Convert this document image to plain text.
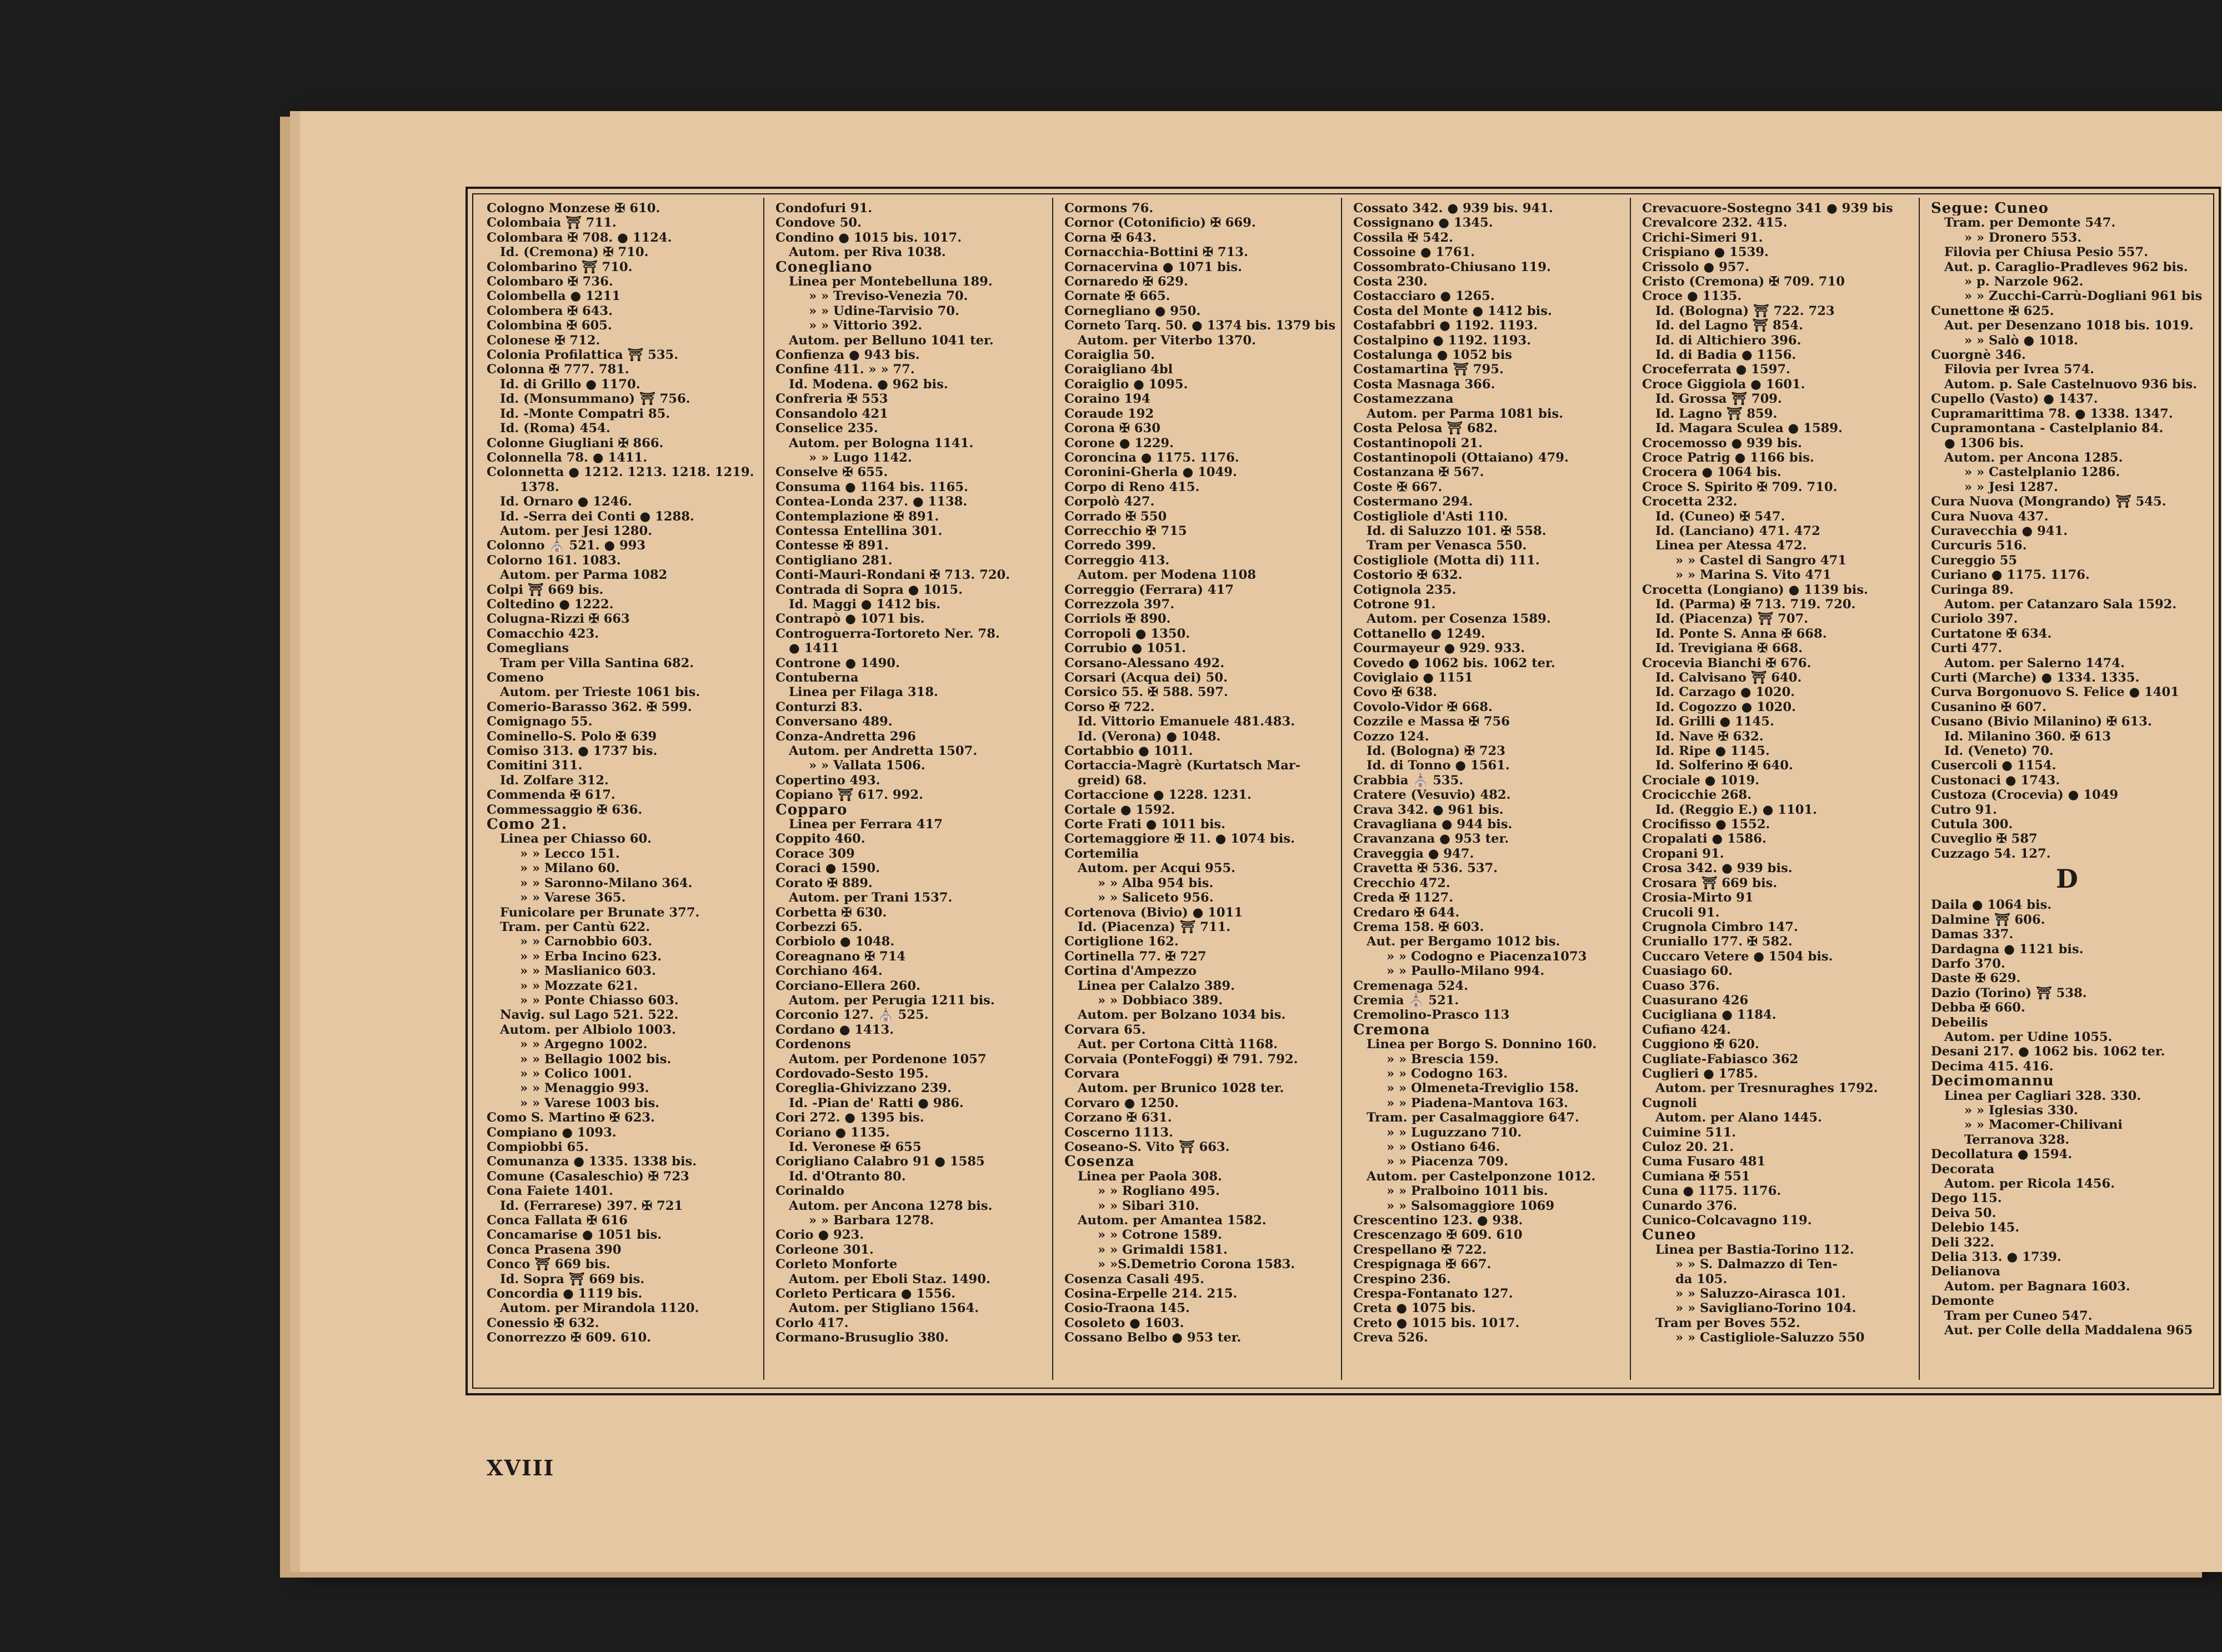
Cologno Monzese ✠ 610.
Colombaia ⛩ 711.
Colombara ✠ 708. ● 1124.
Id. (Cremona) ✠ 710.
Colombarino ⛩ 710.
Colombaro ✠ 736.
Colombella ● 1211
Colombera ✠ 643.
Colombina ✠ 605.
Colonese ✠ 712.
Colonia Profilattica ⛩ 535.
Colonna ✠ 777. 781.
Id. di Grillo ● 1170.
Id. (Monsummano) ⛩ 756.
Id. -Monte Compatri 85.
Id. (Roma) 454.
Colonne Giugliani ✠ 866.
Colonnella 78. ● 1411.
Colonnetta ● 1212. 1213. 1218. 1219.
1378.
Id. Ornaro ● 1246.
Id. -Serra dei Conti ● 1288.
Autom. per Jesi 1280.
Colonno ⛪ 521. ● 993
Colorno 161. 1083.
Autom. per Parma 1082
Colpi ⛩ 669 bis.
Coltedino ● 1222.
Colugna-Rizzi ✠ 663
Comacchio 423.
Comeglians
Tram per Villa Santina 682.
Comeno
Autom. per Trieste 1061 bis.
Comerio-Barasso 362. ✠ 599.
Comignago 55.
Cominello-S. Polo ✠ 639
Comiso 313. ● 1737 bis.
Comitini 311.
Id. Zolfare 312.
Commenda ✠ 617.
Commessaggio ✠ 636.
Como 21.
Linea per Chiasso 60.
» » Lecco 151.
» » Milano 60.
» » Saronno-Milano 364.
» » Varese 365.
Funicolare per Brunate 377.
Tram. per Cantù 622.
» » Carnobbio 603.
» » Erba Incino 623.
» » Maslianico 603.
» » Mozzate 621.
» » Ponte Chiasso 603.
Navig. sul Lago 521. 522.
Autom. per Albiolo 1003.
» » Argegno 1002.
» » Bellagio 1002 bis.
» » Colico 1001.
» » Menaggio 993.
» » Varese 1003 bis.
Como S. Martino ✠ 623.
Compiano ● 1093.
Compiobbi 65.
Comunanza ● 1335. 1338 bis.
Comune (Casaleschio) ✠ 723
Cona Faiete 1401.
Id. (Ferrarese) 397. ✠ 721
Conca Fallata ✠ 616
Concamarise ● 1051 bis.
Conca Prasena 390
Conco ⛩ 669 bis.
Id. Sopra ⛩ 669 bis.
Concordia ● 1119 bis.
Autom. per Mirandola 1120.
Conessio ✠ 632.
Conorrezzo ✠ 609. 610.
Condofuri 91.
Condove 50.
Condino ● 1015 bis. 1017.
Autom. per Riva 1038.
Conegliano
Linea per Montebelluna 189.
» » Treviso-Venezia 70.
» » Udine-Tarvisio 70.
» » Vittorio 392.
Autom. per Belluno 1041 ter.
Confienza ● 943 bis.
Confine 411. » » 77.
Id. Modena. ● 962 bis.
Confreria ✠ 553
Consandolo 421
Conselice 235.
Autom. per Bologna 1141.
» » Lugo 1142.
Conselve ✠ 655.
Consuma ● 1164 bis. 1165.
Contea-Londa 237. ● 1138.
Contemplazione ✠ 891.
Contessa Entellina 301.
Contesse ✠ 891.
Contigliano 281.
Conti-Mauri-Rondani ✠ 713. 720.
Contrada di Sopra ● 1015.
Id. Maggi ● 1412 bis.
Contrapò ● 1071 bis.
Controguerra-Tortoreto Ner. 78.
● 1411
Controne ● 1490.
Contuberna
Linea per Filaga 318.
Conturzi 83.
Conversano 489.
Conza-Andretta 296
Autom. per Andretta 1507.
» » Vallata 1506.
Copertino 493.
Copiano ⛩ 617. 992.
Copparo
Linea per Ferrara 417
Coppito 460.
Corace 309
Coraci ● 1590.
Corato ✠ 889.
Autom. per Trani 1537.
Corbetta ✠ 630.
Corbezzi 65.
Corbiolo ● 1048.
Coreagnano ✠ 714
Corchiano 464.
Corciano-Ellera 260.
Autom. per Perugia 1211 bis.
Corconio 127. ⛪ 525.
Cordano ● 1413.
Cordenons
Autom. per Pordenone 1057
Cordovado-Sesto 195.
Coreglia-Ghivizzano 239.
Id. -Pian de' Ratti ● 986.
Cori 272. ● 1395 bis.
Coriano ● 1135.
Id. Veronese ✠ 655
Corigliano Calabro 91 ● 1585
Id. d'Otranto 80.
Corinaldo
Autom. per Ancona 1278 bis.
» » Barbara 1278.
Corio ● 923.
Corleone 301.
Corleto Monforte
Autom. per Eboli Staz. 1490.
Corleto Perticara ● 1556.
Autom. per Stigliano 1564.
Corlo 417.
Cormano-Brusuglio 380.
Cormons 76.
Cornor (Cotonificio) ✠ 669.
Corna ✠ 643.
Cornacchia-Bottini ✠ 713.
Cornacervina ● 1071 bis.
Cornaredo ✠ 629.
Cornate ✠ 665.
Cornegliano ● 950.
Corneto Tarq. 50. ● 1374 bis. 1379 bis
Autom. per Viterbo 1370.
Coraiglia 50.
Coraigliano 4bl
Coraiglio ● 1095.
Coraino 194
Coraude 192
Corona ✠ 630
Corone ● 1229.
Coroncina ● 1175. 1176.
Coronini-Gherla ● 1049.
Corpo di Reno 415.
Corpolò 427.
Corrado ✠ 550
Correcchio ✠ 715
Corredo 399.
Correggio 413.
Autom. per Modena 1108
Correggio (Ferrara) 417
Correzzola 397.
Corriols ✠ 890.
Corropoli ● 1350.
Corrubio ● 1051.
Corsano-Alessano 492.
Corsari (Acqua dei) 50.
Corsico 55. ✠ 588. 597.
Corso ✠ 722.
Id. Vittorio Emanuele 481.483.
Id. (Verona) ● 1048.
Cortabbio ● 1011.
Cortaccia-Magrè (Kurtatsch Mar-
greid) 68.
Cortaccione ● 1228. 1231.
Cortale ● 1592.
Corte Frati ● 1011 bis.
Cortemaggiore ✠ 11. ● 1074 bis.
Cortemilia
Autom. per Acqui 955.
» » Alba 954 bis.
» » Saliceto 956.
Cortenova (Bivio) ● 1011
Id. (Piacenza) ⛩ 711.
Cortiglione 162.
Cortinella 77. ✠ 727
Cortina d'Ampezzo
Linea per Calalzo 389.
» » Dobbiaco 389.
Autom. per Bolzano 1034 bis.
Corvara 65.
Aut. per Cortona Città 1168.
Corvaia (PonteFoggi) ✠ 791. 792.
Corvara
Autom. per Brunico 1028 ter.
Corvaro ● 1250.
Corzano ✠ 631.
Coscerno 1113.
Coseano-S. Vito ⛩ 663.
Cosenza
Linea per Paola 308.
» » Rogliano 495.
» » Sibari 310.
Autom. per Amantea 1582.
» » Cotrone 1589.
» » Grimaldi 1581.
» »S.Demetrio Corona 1583.
Cosenza Casali 495.
Cosina-Erpelle 214. 215.
Cosio-Traona 145.
Cosoleto ● 1603.
Cossano Belbo ● 953 ter.
Cossato 342. ● 939 bis. 941.
Cossignano ● 1345.
Cossila ✠ 542.
Cossoine ● 1761.
Cossombrato-Chiusano 119.
Costa 230.
Costacciaro ● 1265.
Costa del Monte ● 1412 bis.
Costafabbri ● 1192. 1193.
Costalpino ● 1192. 1193.
Costalunga ● 1052 bis
Costamartina ⛩ 795.
Costa Masnaga 366.
Costamezzana
Autom. per Parma 1081 bis.
Costa Pelosa ⛩ 682.
Costantinopoli 21.
Costantinopoli (Ottaiano) 479.
Costanzana ✠ 567.
Coste ✠ 667.
Costermano 294.
Costigliole d'Asti 110.
Id. di Saluzzo 101. ✠ 558.
Tram per Venasca 550.
Costigliole (Motta di) 111.
Costorio ✠ 632.
Cotignola 235.
Cotrone 91.
Autom. per Cosenza 1589.
Cottanello ● 1249.
Courmayeur ● 929. 933.
Covedo ● 1062 bis. 1062 ter.
Coviglaio ● 1151
Covo ✠ 638.
Covolo-Vidor ✠ 668.
Cozzile e Massa ✠ 756
Cozzo 124.
Id. (Bologna) ✠ 723
Id. di Tonno ● 1561.
Crabbia ⛪ 535.
Cratere (Vesuvio) 482.
Crava 342. ● 961 bis.
Cravagliana ● 944 bis.
Cravanzana ● 953 ter.
Craveggia ● 947.
Cravetta ✠ 536. 537.
Crecchio 472.
Creda ✠ 1127.
Credaro ✠ 644.
Crema 158. ✠ 603.
Aut. per Bergamo 1012 bis.
» » Codogno e Piacenza1073
» » Paullo-Milano 994.
Cremenaga 524.
Cremia ⛪ 521.
Cremolino-Prasco 113
Cremona
Linea per Borgo S. Donnino 160.
» » Brescia 159.
» » Codogno 163.
» » Olmeneta-Treviglio 158.
» » Piadena-Mantova 163.
Tram. per Casalmaggiore 647.
» » Luguzzano 710.
» » Ostiano 646.
» » Piacenza 709.
Autom. per Castelponzone 1012.
» » Pralboino 1011 bis.
» » Salsomaggiore 1069
Crescentino 123. ● 938.
Crescenzago ✠ 609. 610
Crespellano ✠ 722.
Crespignaga ✠ 667.
Crespino 236.
Crespa-Fontanato 127.
Creta ● 1075 bis.
Creto ● 1015 bis. 1017.
Creva 526.
Crevacuore-Sostegno 341 ● 939 bis
Crevalcore 232. 415.
Crichi-Simeri 91.
Crispiano ● 1539.
Crissolo ● 957.
Cristo (Cremona) ✠ 709. 710
Croce ● 1135.
Id. (Bologna) ⛩ 722. 723
Id. del Lagno ⛩ 854.
Id. di Altichiero 396.
Id. di Badia ● 1156.
Croceferrata ● 1597.
Croce Giggiola ● 1601.
Id. Grossa ⛩ 709.
Id. Lagno ⛩ 859.
Id. Magara Sculea ● 1589.
Crocemosso ● 939 bis.
Croce Patrig ● 1166 bis.
Crocera ● 1064 bis.
Croce S. Spirito ✠ 709. 710.
Crocetta 232.
Id. (Cuneo) ✠ 547.
Id. (Lanciano) 471. 472
Linea per Atessa 472.
» » Castel di Sangro 471
» » Marina S. Vito 471
Crocetta (Longiano) ● 1139 bis.
Id. (Parma) ✠ 713. 719. 720.
Id. (Piacenza) ⛩ 707.
Id. Ponte S. Anna ✠ 668.
Id. Trevigiana ✠ 668.
Crocevia Bianchi ✠ 676.
Id. Calvisano ⛩ 640.
Id. Carzago ● 1020.
Id. Cogozzo ● 1020.
Id. Grilli ● 1145.
Id. Nave ✠ 632.
Id. Ripe ● 1145.
Id. Solferino ✠ 640.
Crociale ● 1019.
Crocicchie 268.
Id. (Reggio E.) ● 1101.
Crocifisso ● 1552.
Cropalati ● 1586.
Cropani 91.
Crosa 342. ● 939 bis.
Crosara ⛩ 669 bis.
Crosia-Mirto 91
Crucoli 91.
Crugnola Cimbro 147.
Cruniallo 177. ✠ 582.
Cuccaro Vetere ● 1504 bis.
Cuasiago 60.
Cuaso 376.
Cuasurano 426
Cuciglianа ● 1184.
Cufiano 424.
Cuggiono ✠ 620.
Cugliate-Fabiasco 362
Cuglieri ● 1785.
Autom. per Tresnuraghes 1792.
Cugnoli
Autom. per Alano 1445.
Cuimine 511.
Culoz 20. 21.
Cuma Fusaro 481
Cumiana ✠ 551
Cuna ● 1175. 1176.
Cunardo 376.
Cunico-Colcavagno 119.
Cuneo
Linea per Bastia-Torino 112.
» » S. Dalmazzo di Ten-
da 105.
» » Saluzzo-Airasca 101.
» » Savigliano-Torino 104.
Tram per Boves 552.
» » Castigliole-Saluzzo 550
Segue: Cuneo
Tram. per Demonte 547.
» » Dronero 553.
Filovia per Chiusa Pesio 557.
Aut. p. Caraglio-Pradleves 962 bis.
» p. Narzole 962.
» » Zucchi-Carrù-Dogliani 961 bis
Cunettone ✠ 625.
Aut. per Desenzano 1018 bis. 1019.
» » Salò ● 1018.
Cuorgnè 346.
Filovia per Ivrea 574.
Autom. p. Sale Castelnuovo 936 bis.
Cupello (Vasto) ● 1437.
Cupramarittima 78. ● 1338. 1347.
Cupramontana - Castelplanio 84.
● 1306 bis.
Autom. per Ancona 1285.
» » Castelplanio 1286.
» » Jesi 1287.
Cura Nuova (Mongrando) ⛩ 545.
Cura Nuova 437.
Curavecchia ● 941.
Curcuris 516.
Cureggio 55
Curiano ● 1175. 1176.
Curinga 89.
Autom. per Catanzaro Sala 1592.
Curiolo 397.
Curtatone ✠ 634.
Curti 477.
Autom. per Salerno 1474.
Curti (Marche) ● 1334. 1335.
Curva Borgonuovo S. Felice ● 1401
Cusanino ✠ 607.
Cusano (Bivio Milanino) ✠ 613.
Id. Milanino 360. ✠ 613
Id. (Veneto) 70.
Cusercoli ● 1154.
Custonaci ● 1743.
Custoza (Crocevia) ● 1049
Cutro 91.
Cutula 300.
Cuveglio ✠ 587
Cuzzago 54. 127.
D
Daila ● 1064 bis.
Dalmine ⛩ 606.
Damas 337.
Dardagna ● 1121 bis.
Darfo 370.
Daste ✠ 629.
Dazio (Torino) ⛩ 538.
Debba ✠ 660.
Debeilis
Autom. per Udine 1055.
Desani 217. ● 1062 bis. 1062 ter.
Decima 415. 416.
Decimomannu
Linea per Cagliari 328. 330.
» » Iglesias 330.
» » Macomer-Chilivani
Terranova 328.
Decollatura ● 1594.
Decorata
Autom. per Ricola 1456.
Dego 115.
Deiva 50.
Delebio 145.
Deli 322.
Delia 313. ● 1739.
Delianova
Autom. per Bagnara 1603.
Demonte
Tram per Cuneo 547.
Aut. per Colle della Maddalena 965
XVIII
